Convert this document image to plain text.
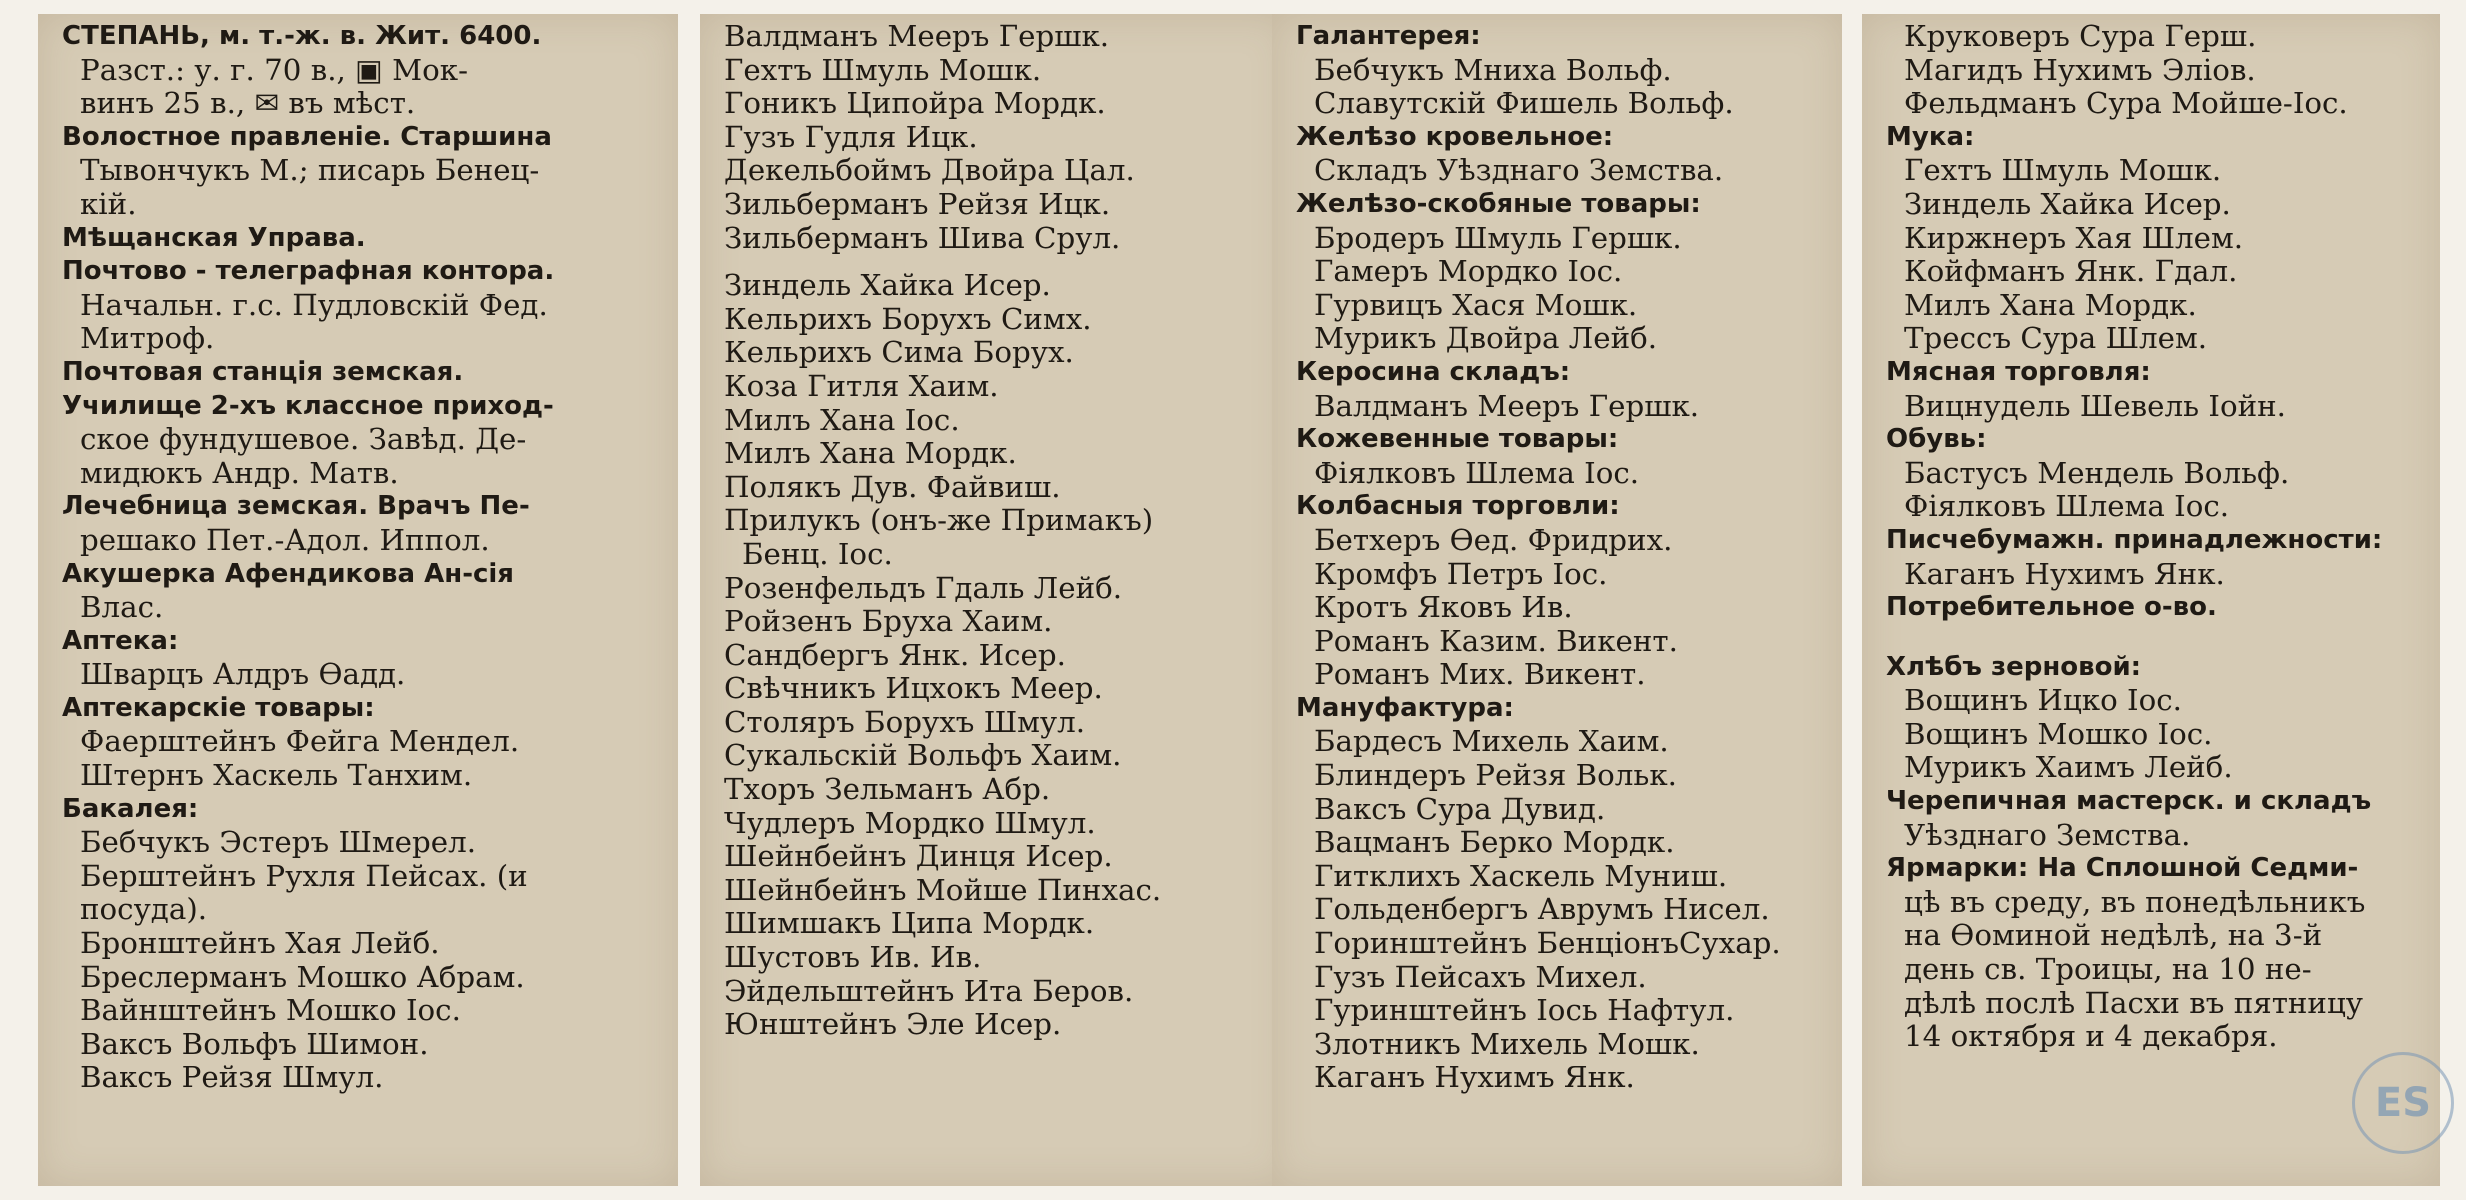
СТЕПАНЬ, м. т.-ж. в. Жит. 6400.
Разст.: у. г. 70 в., ▣ Мок-
винъ 25 в., ✉ въ мѣст.
Волостное правленіе. Старшина
Тывончукъ М.; писарь Бенец-
кій.
Мѣщанская Управа.
Почтово - телеграфная контора.
Начальн. г.с. Пудловскій Фед.
Митроф.
Почтовая станція земская.
Училище 2-хъ классное приход-
ское фундушевое. Завѣд. Де-
мидюкъ Андр. Матв.
Лечебница земская. Врачъ Пе-
решако Пет.-Адол. Иппол.
Акушерка Афендикова Ан-сія
Влас.
Аптека:
Шварцъ Алдръ Ѳадд.
Аптекарскіе товары:
Фаерштейнъ Фейга Мендел.
Штернъ Хаскель Танхим.
Бакалея:
Бебчукъ Эстеръ Шмерел.
Берштейнъ Рухля Пейсах. (и
посуда).
Бронштейнъ Хая Лейб.
Бреслерманъ Мошко Абрам.
Вайнштейнъ Мошко Іос.
Ваксъ Вольфъ Шимон.
Ваксъ Рейзя Шмул.
Валдманъ Мееръ Гершк.
Гехтъ Шмуль Мошк.
Гоникъ Ципойра Мордк.
Гузъ Гудля Ицк.
Декельбоймъ Двойра Цал.
Зильберманъ Рейзя Ицк.
Зильберманъ Шива Срул.
Зиндель Хайка Исер.
Кельрихъ Борухъ Симх.
Кельрихъ Сима Борух.
Коза Гитля Хаим.
Милъ Хана Іос.
Милъ Хана Мордк.
Полякъ Дув. Файвиш.
Прилукъ (онъ-же Примакъ)
Бенц. Іос.
Розенфельдъ Гдаль Лейб.
Ройзенъ Бруха Хаим.
Сандбергъ Янк. Исер.
Свѣчникъ Ицхокъ Меер.
Столяръ Борухъ Шмул.
Сукальскій Вольфъ Хаим.
Тхоръ Зельманъ Абр.
Чудлеръ Мордко Шмул.
Шейнбейнъ Динця Исер.
Шейнбейнъ Мойше Пинхас.
Шимшакъ Ципа Мордк.
Шустовъ Ив. Ив.
Эйдельштейнъ Ита Беров.
Юнштейнъ Эле Исер.
Галантерея:
Бебчукъ Мниха Вольф.
Славутскій Фишель Вольф.
Желѣзо кровельное:
Складъ Уѣзднаго Земства.
Желѣзо-скобяные товары:
Бродеръ Шмуль Гершк.
Гамеръ Мордко Іос.
Гурвицъ Хася Мошк.
Мурикъ Двойра Лейб.
Керосина складъ:
Валдманъ Мееръ Гершк.
Кожевенные товары:
Фіялковъ Шлема Іос.
Колбасныя торговли:
Бетхеръ Ѳед. Фридрих.
Кромфъ Петръ Іос.
Кротъ Яковъ Ив.
Романъ Казим. Викент.
Романъ Мих. Викент.
Мануфактура:
Бардесъ Михель Хаим.
Блиндеръ Рейзя Вольк.
Ваксъ Сура Дувид.
Вацманъ Берко Мордк.
Гитклихъ Хаскель Муниш.
Гольденбергъ Аврумъ Нисел.
Горинштейнъ БенціонъСухар.
Гузъ Пейсахъ Михел.
Гуринштейнъ Іось Нафтул.
Злотникъ Михель Мошк.
Каганъ Нухимъ Янк.
Круковеръ Сура Герш.
Магидъ Нухимъ Эліов.
Фельдманъ Сура Мойше-Іос.
Мука:
Гехтъ Шмуль Мошк.
Зиндель Хайка Исер.
Киржнеръ Хая Шлем.
Койфманъ Янк. Гдал.
Милъ Хана Мордк.
Трессъ Сура Шлем.
Мясная торговля:
Вицнудель Шевель Іойн.
Обувь:
Бастусъ Мендель Вольф.
Фіялковъ Шлема Іос.
Писчебумажн. принадлежности:
Каганъ Нухимъ Янк.
Потребительное о-во.
Хлѣбъ зерновой:
Вощинъ Ицко Іос.
Вощинъ Мошко Іос.
Мурикъ Хаимъ Лейб.
Черепичная мастерск. и складъ
Уѣзднаго Земства.
Ярмарки: На Сплошной Седми-
цѣ въ среду, въ понедѣльникъ
на Ѳоминой недѣлѣ, на 3-й
день св. Троицы, на 10 не-
дѣлѣ послѣ Пасхи въ пятницу
14 октября и 4 декабря.
ES
